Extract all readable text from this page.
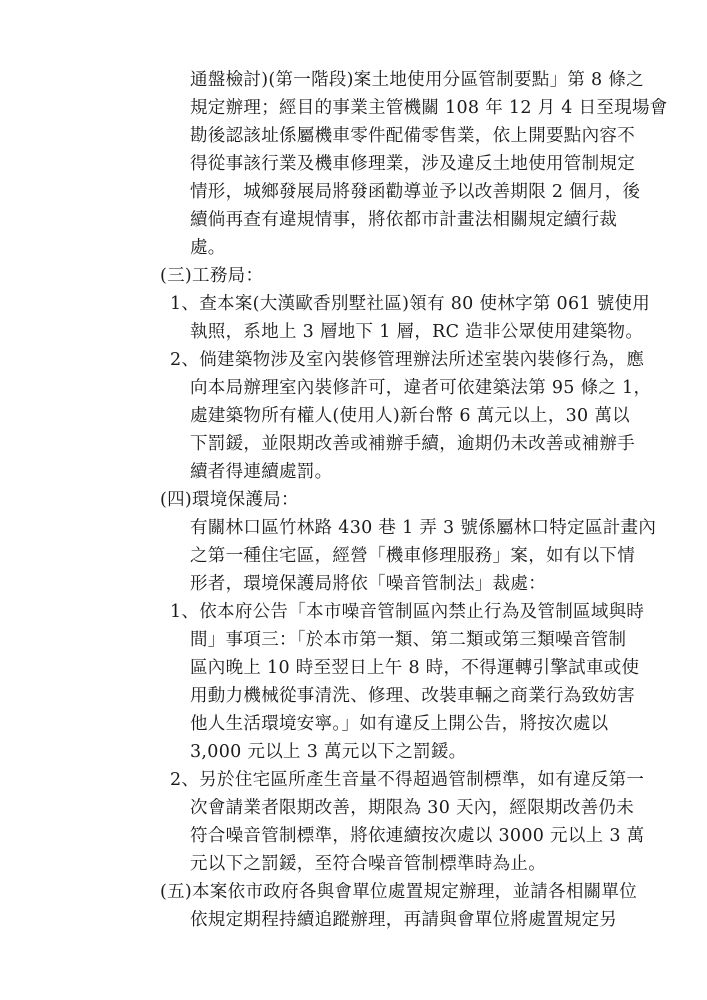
通盤檢討)(第一階段)案土地使用分區管制要點」第 8 條之
規定辦理；經目的事業主管機關 108 年 12 月 4 日至現場會
勘後認該址係屬機車零件配備零售業，依上開要點內容不
得從事該行業及機車修理業，涉及違反土地使用管制規定
情形，城鄉發展局將發函勸導並予以改善期限 2 個月，後
續倘再查有違規情事，將依都市計畫法相關規定續行裁
處。
(三)工務局：
1、查本案(大漢歐香別墅社區)領有 80 使林字第 061 號使用
執照，系地上 3 層地下 1 層，RC 造非公眾使用建築物。
2、倘建築物涉及室內裝修管理辦法所述室裝內裝修行為，應
向本局辦理室內裝修許可，違者可依建築法第 95 條之 1，
處建築物所有權人(使用人)新台幣 6 萬元以上，30 萬以
下罰鍰，並限期改善或補辦手續，逾期仍未改善或補辦手
續者得連續處罰。
(四)環境保護局：
有關林口區竹林路 430 巷 1 弄 3 號係屬林口特定區計畫內
之第一種住宅區，經營「機車修理服務」案，如有以下情
形者，環境保護局將依「噪音管制法」裁處：
1、依本府公告「本市噪音管制區內禁止行為及管制區域與時
間」事項三：「於本市第一類、第二類或第三類噪音管制
區內晚上 10 時至翌日上午 8 時，不得運轉引擎試車或使
用動力機械從事清洗、修理、改裝車輛之商業行為致妨害
他人生活環境安寧。」如有違反上開公告，將按次處以
3,000 元以上 3 萬元以下之罰鍰。
2、另於住宅區所產生音量不得超過管制標準，如有違反第一
次會請業者限期改善，期限為 30 天內，經限期改善仍未
符合噪音管制標準，將依連續按次處以 3000 元以上 3 萬
元以下之罰鍰，至符合噪音管制標準時為止。
(五)本案依市政府各與會單位處置規定辦理，並請各相關單位
依規定期程持續追蹤辦理，再請與會單位將處置規定另
